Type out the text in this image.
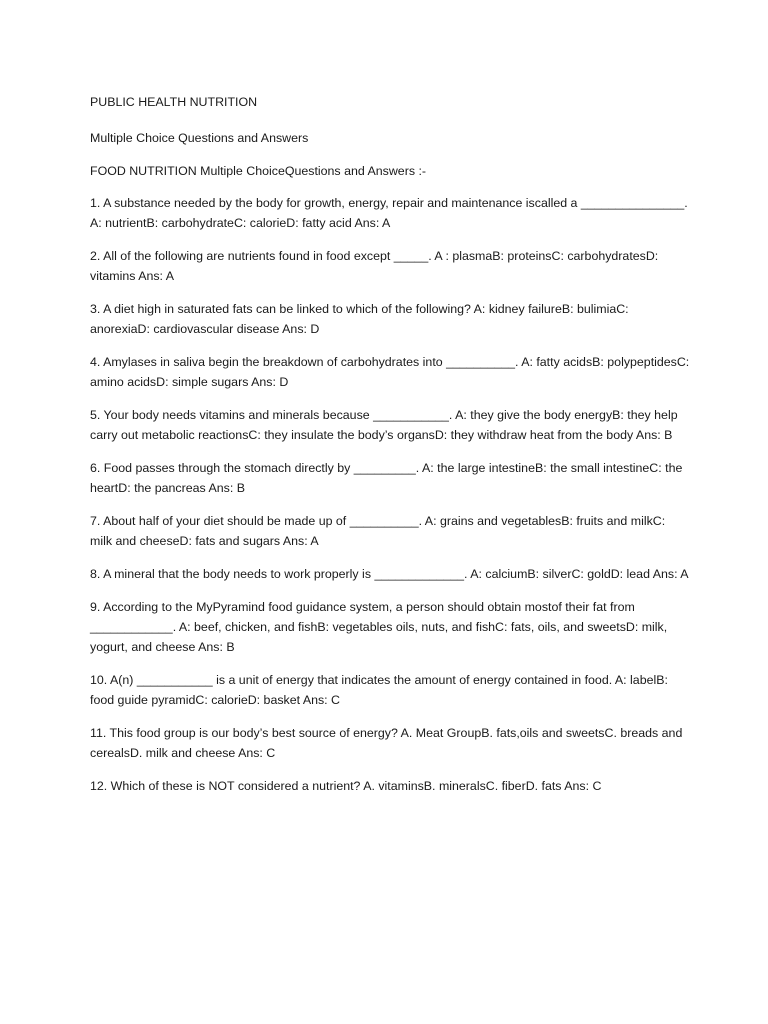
PUBLIC HEALTH NUTRITION

Multiple Choice Questions and Answers

FOOD NUTRITION Multiple ChoiceQuestions and Answers :-

1. A substance needed by the body for growth, energy, repair and maintenance iscalled a _______________. A: nutrientB: carbohydrateC: calorieD: fatty acid Ans: A

2. All of the following are nutrients found in food except _____. A : plasmaB: proteinsC: carbohydratesD: vitamins Ans: A

3. A diet high in saturated fats can be linked to which of the following? A: kidney failureB: bulimiaC: anorexiaD: cardiovascular disease Ans: D

4. Amylases in saliva begin the breakdown of carbohydrates into __________. A: fatty acidsB: polypeptidesC: amino acidsD: simple sugars Ans: D

5. Your body needs vitamins and minerals because ___________. A: they give the body energyB: they help carry out metabolic reactionsC: they insulate the body’s organsD: they withdraw heat from the body Ans: B

6. Food passes through the stomach directly by _________. A: the large intestineB: the small intestineC: the heartD: the pancreas Ans: B

7. About half of your diet should be made up of __________. A: grains and vegetablesB: fruits and milkC: milk and cheeseD: fats and sugars Ans: A

8. A mineral that the body needs to work properly is _____________. A: calciumB: silverC: goldD: lead Ans: A

9. According to the MyPyramind food guidance system, a person should obtain mostof their fat from ____________. A: beef, chicken, and fishB: vegetables oils, nuts, and fishC: fats, oils, and sweetsD: milk, yogurt, and cheese Ans: B

10. A(n) ___________ is a unit of energy that indicates the amount of energy contained in food. A: labelB: food guide pyramidC: calorieD: basket Ans: C

11. This food group is our body’s best source of energy? A. Meat GroupB. fats,oils and sweetsC. breads and cerealsD. milk and cheese Ans: C

12. Which of these is NOT considered a nutrient? A. vitaminsB. mineralsC. fiberD. fats Ans: C
